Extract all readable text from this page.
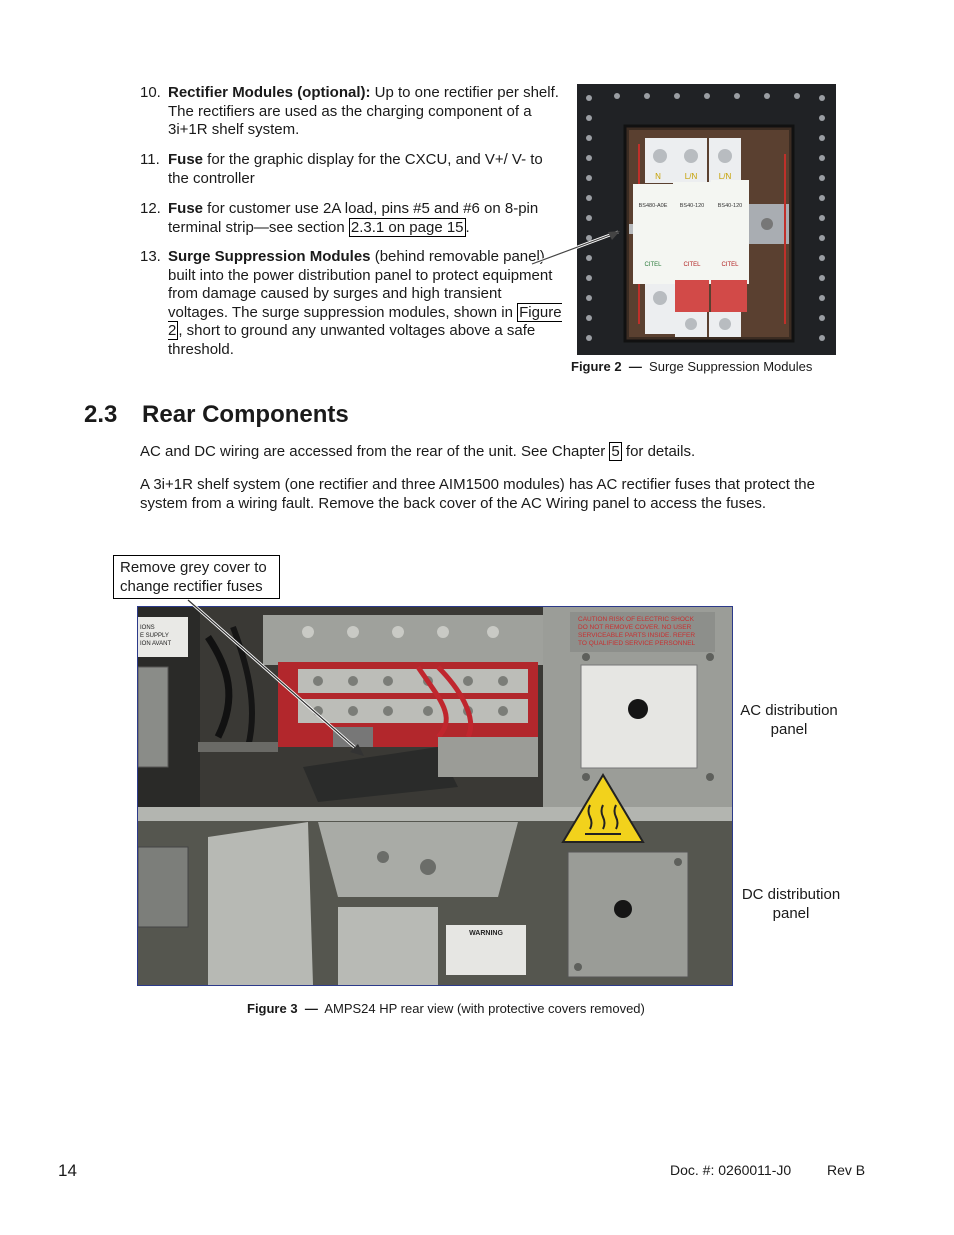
10. Rectifier Modules (optional): Up to one rectifier per shelf. The rectifiers are used as the charging component of a 3i+1R shelf system.
11. Fuse for the graphic display for the CXCU, and V+/ V- to the controller
12. Fuse for customer use 2A load, pins #5 and #6 on 8-pin terminal strip—see section 2.3.1 on page 15 .
13. Surge Suppression Modules (behind removable panel) built into the power distribution panel to protect equipment from damage caused by surges and high transient voltages. The surge suppression modules, shown in Figure 2 , short to ground any unwanted voltages above a safe threshold.
N	L/N	L/N
BS480-A0E BS40-120 BS40-120
CITEL	CITEL	CITEL
Figure 2 — Surge Suppression Modules
2.3 Rear Components
AC and DC wiring are accessed from the rear of the unit. See Chapter 5 for details.
A 3i+1R shelf system (one rectifier and three AIM1500 modules) has AC rectifier fuses that protect the system from a wiring fault. Remove the back cover of the AC Wiring panel to access the fuses.
Remove grey cover to change rectifier fuses
IONS
E SUPPLY
ION AVANT
CAUTION RISK OF ELECTRIC SHOCK
DO NOT REMOVE COVER. NO USER
SERVICEABLE PARTS INSIDE. REFER
TO QUALIFIED SERVICE PERSONNEL
WARNING
AC distribution panel
DC distribution panel
Figure 3 — AMPS24 HP rear view (with protective covers removed)
14	Doc. #: 0260011-J0	Rev B
